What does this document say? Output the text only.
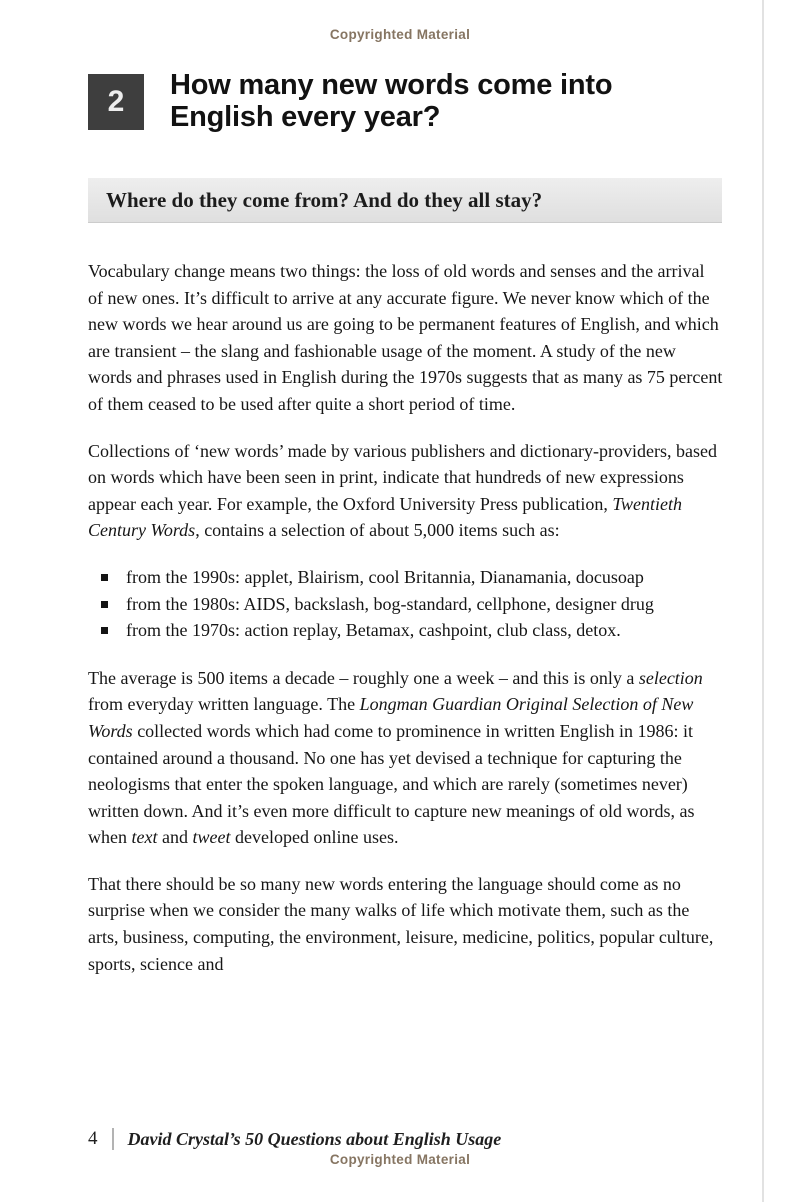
Copyrighted Material
2	How many new words come into English every year?
Where do they come from? And do they all stay?

Vocabulary change means two things: the loss of old words and senses and the arrival of new ones. It’s difficult to arrive at any accurate figure. We never know which of the new words we hear around us are going to be permanent features of English, and which are transient – the slang and fashionable usage of the moment. A study of the new words and phrases used in English during the 1970s suggests that as many as 75 percent of them ceased to be used after quite a short period of time.

Collections of ‘new words’ made by various publishers and dictionary-providers, based on words which have been seen in print, indicate that hundreds of new expressions appear each year. For example, the Oxford University Press publication, Twentieth Century Words, contains a selection of about 5,000 items such as:

from the 1990s: applet, Blairism, cool Britannia, Dianamania, docusoap
from the 1980s: AIDS, backslash, bog-standard, cellphone, designer drug
from the 1970s: action replay, Betamax, cashpoint, club class, detox.

The average is 500 items a decade – roughly one a week – and this is only a selection from everyday written language. The Longman Guardian Original Selection of New Words collected words which had come to prominence in written English in 1986: it contained around a thousand. No one has yet devised a technique for capturing the neologisms that enter the spoken language, and which are rarely (sometimes never) written down. And it’s even more difficult to capture new meanings of old words, as when text and tweet developed online uses.

That there should be so many new words entering the language should come as no surprise when we consider the many walks of life which motivate them, such as the arts, business, computing, the environment, leisure, medicine, politics, popular culture, sports, science and

4 David Crystal’s 50 Questions about English Usage
Copyrighted Material
